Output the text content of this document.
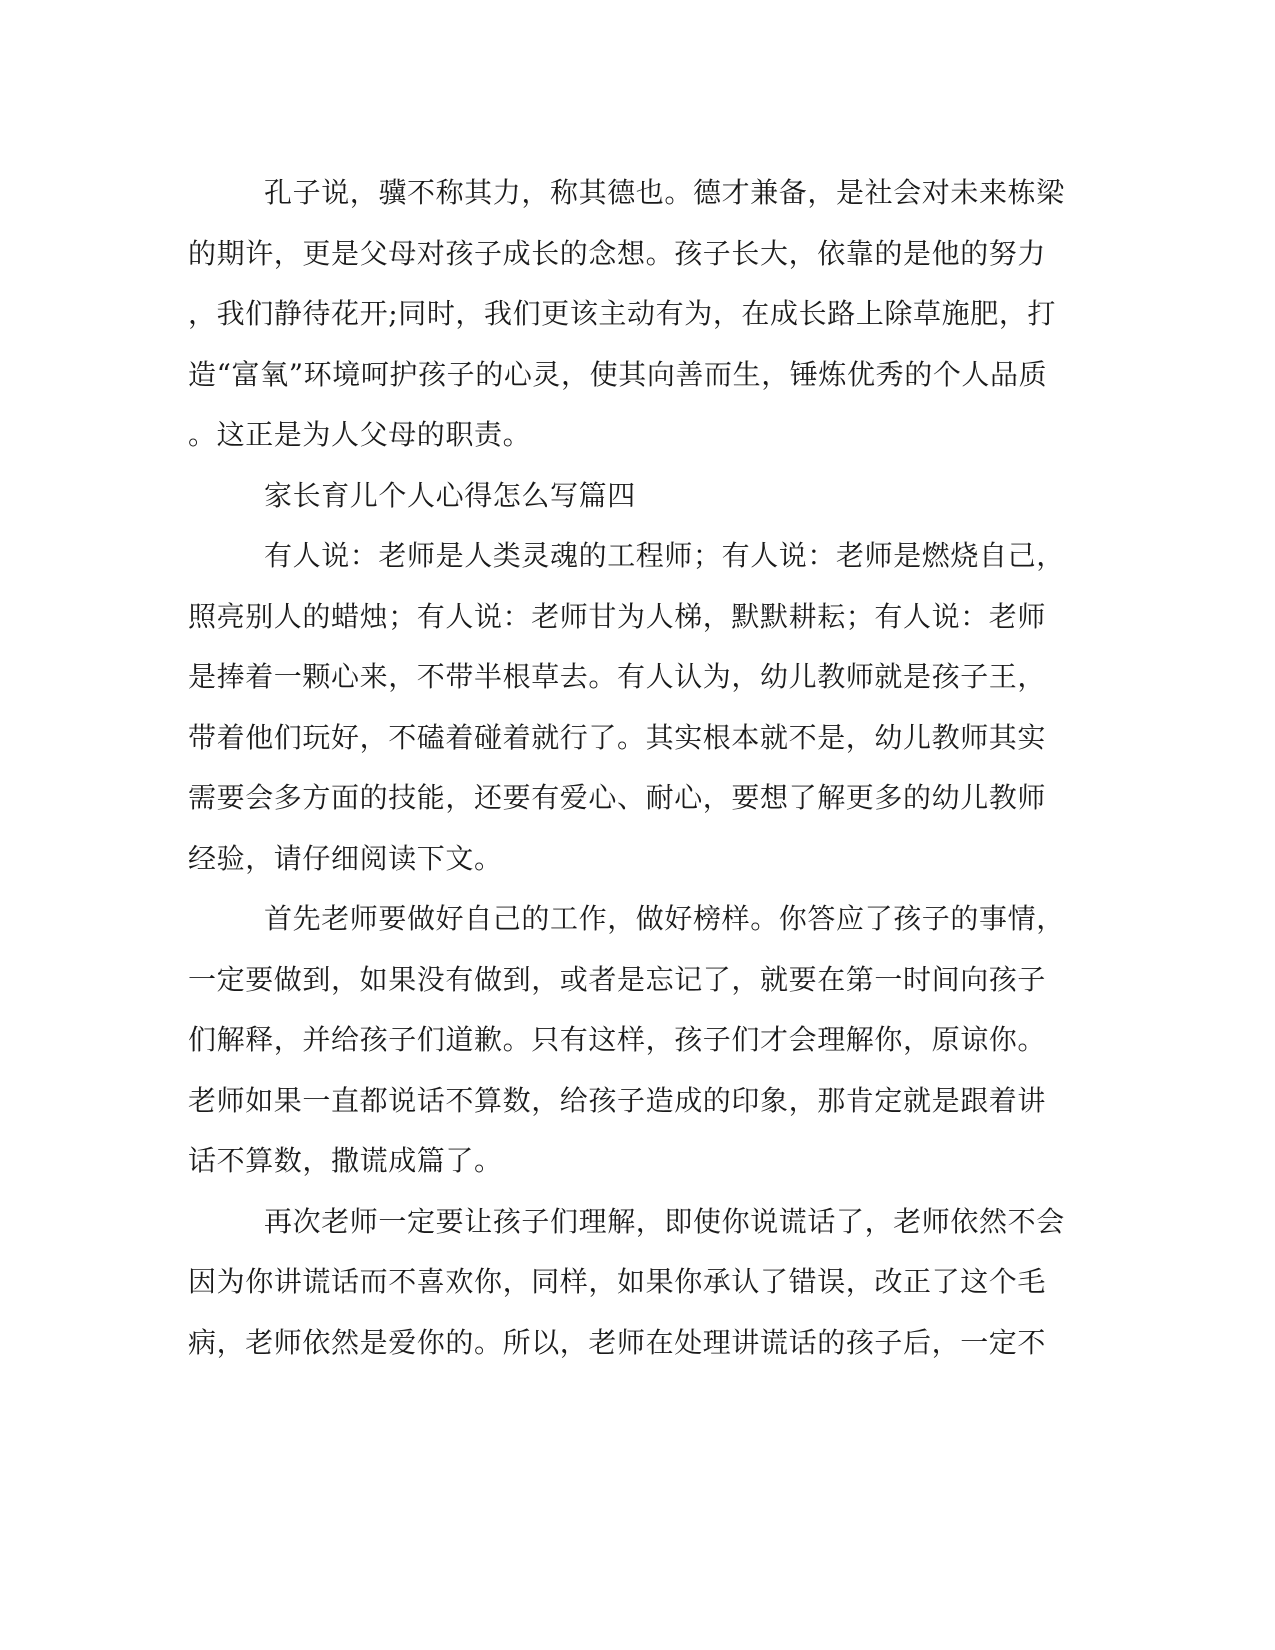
孔子说，骥不称其力，称其德也。德才兼备，是社会对未来栋梁
的期许，更是父母对孩子成长的念想。孩子长大，依靠的是他的努力
，我们静待花开;同时，我们更该主动有为，在成长路上除草施肥，打
造“富氧”环境呵护孩子的心灵，使其向善而生，锤炼优秀的个人品质
。这正是为人父母的职责。
家长育儿个人心得怎么写篇四
有人说：老师是人类灵魂的工程师；有人说：老师是燃烧自己，
照亮别人的蜡烛；有人说：老师甘为人梯，默默耕耘；有人说：老师
是捧着一颗心来，不带半根草去。有人认为，幼儿教师就是孩子王，
带着他们玩好，不磕着碰着就行了。其实根本就不是，幼儿教师其实
需要会多方面的技能，还要有爱心、耐心，要想了解更多的幼儿教师
经验，请仔细阅读下文。
首先老师要做好自己的工作，做好榜样。你答应了孩子的事情，
一定要做到，如果没有做到，或者是忘记了，就要在第一时间向孩子
们解释，并给孩子们道歉。只有这样，孩子们才会理解你，原谅你。
老师如果一直都说话不算数，给孩子造成的印象，那肯定就是跟着讲
话不算数，撒谎成篇了。
再次老师一定要让孩子们理解，即使你说谎话了，老师依然不会
因为你讲谎话而不喜欢你，同样，如果你承认了错误，改正了这个毛
病，老师依然是爱你的。所以，老师在处理讲谎话的孩子后，一定不
